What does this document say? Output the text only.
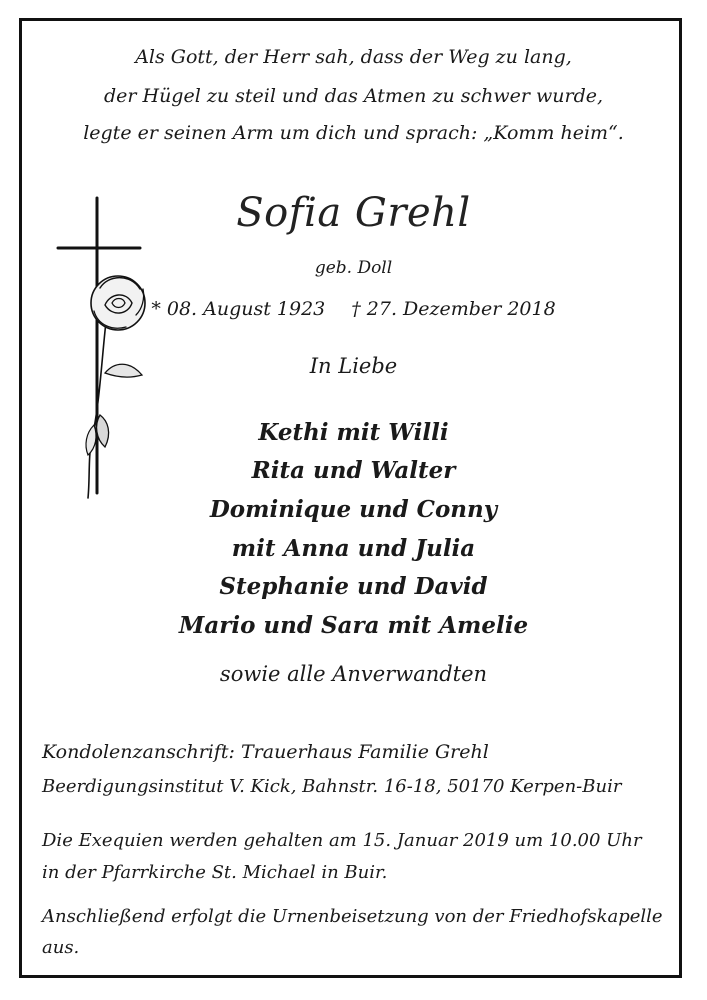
Als Gott, der Herr sah, dass der Weg zu lang,
der Hügel zu steil und das Atmen zu schwer wurde,
legte er seinen Arm um dich und sprach: „Komm heim“.
Sofia Grehl
geb. Doll
* 08. August 1923 † 27. Dezember 2018
In Liebe
Kethi mit Willi
Rita und Walter
Dominique und Conny
mit Anna und Julia
Stephanie und David
Mario und Sara mit Amelie
sowie alle Anverwandten
Kondolenzanschrift: Trauerhaus Familie Grehl
Beerdigungsinstitut V. Kick, Bahnstr. 16-18, 50170 Kerpen-Buir
Die Exequien werden gehalten am 15. Januar 2019 um 10.00 Uhr
in der Pfarrkirche St. Michael in Buir.
Anschließend erfolgt die Urnenbeisetzung von der Friedhofskapelle
aus.
